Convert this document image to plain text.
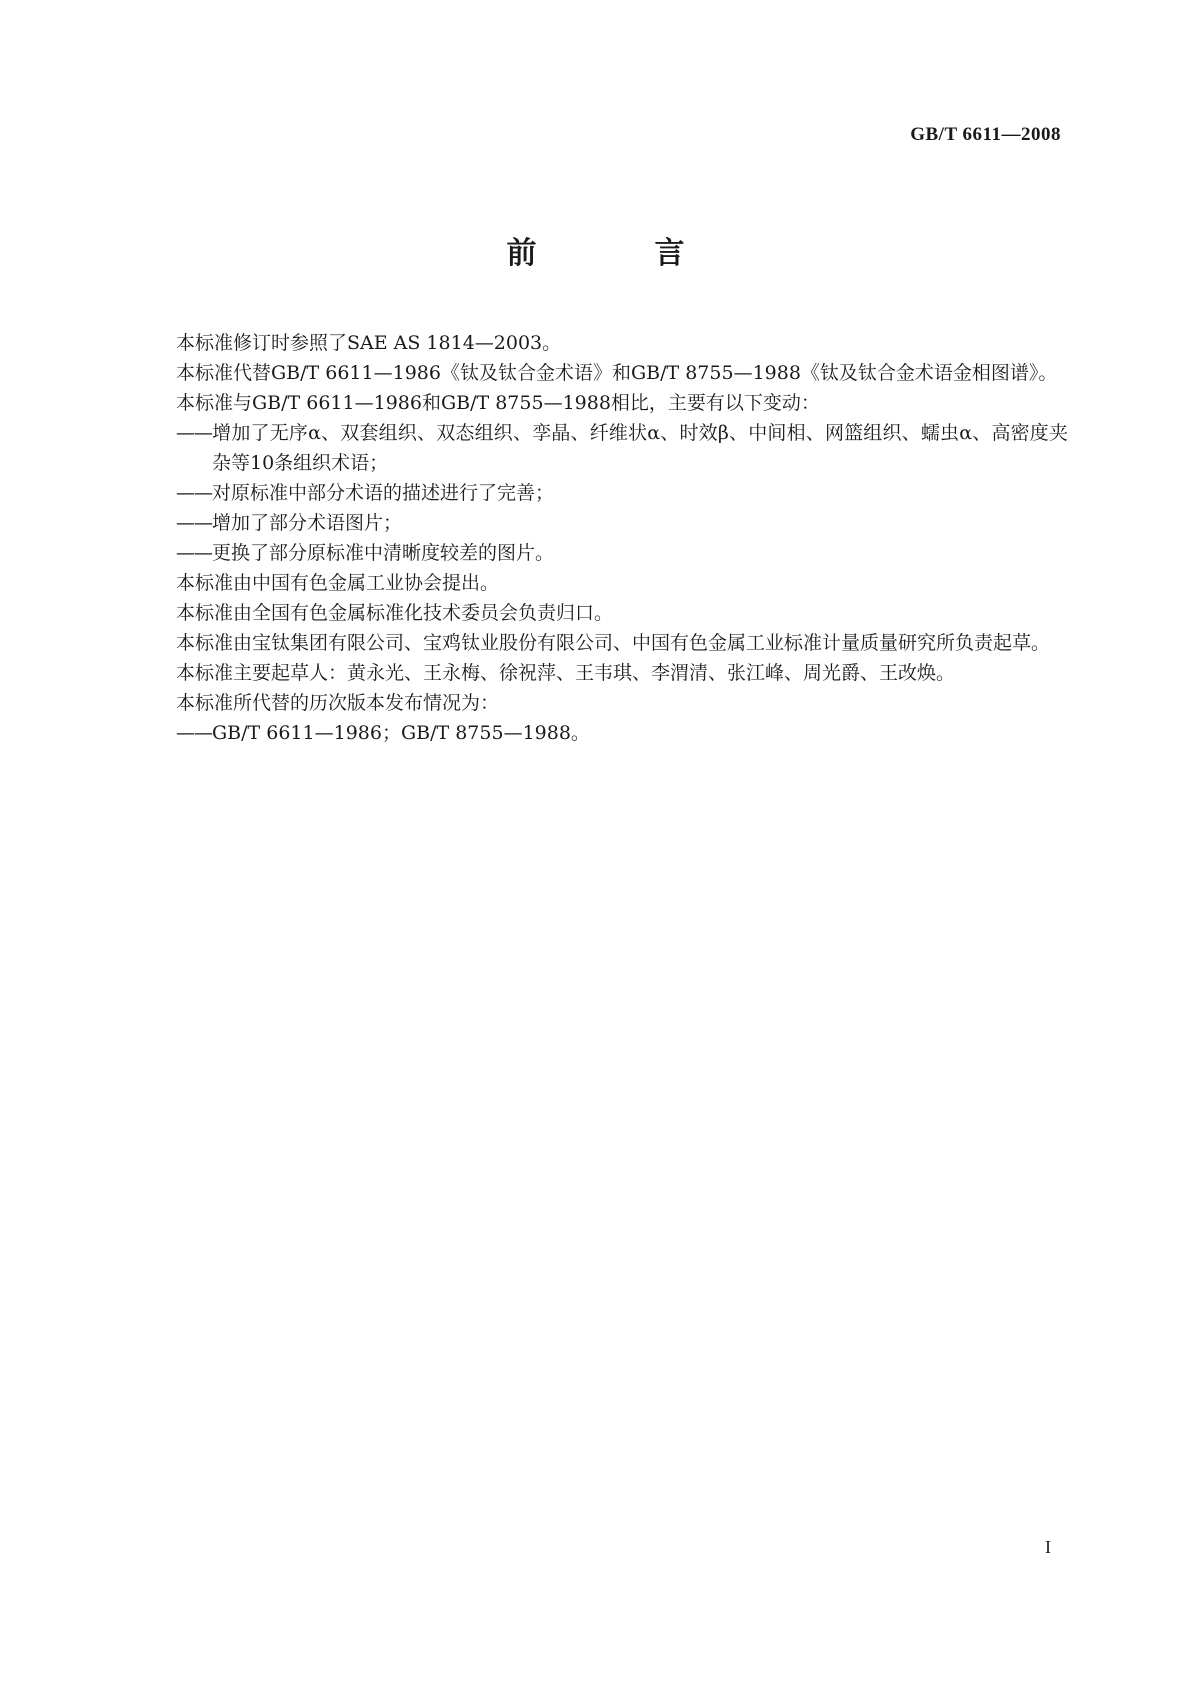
GB/T 6611—2008
前　言

本标准修订时参照了SAE AS 1814—2003。

本标准代替GB/T 6611—1986《钛及钛合金术语》和GB/T 8755—1988《钛及钛合金术语金相图谱》。

本标准与GB/T 6611—1986和GB/T 8755—1988相比，主要有以下变动：

——增加了无序α、双套组织、双态组织、孪晶、纤维状α、时效β、中间相、网篮组织、蠕虫α、高密度夹杂等10条组织术语；

——对原标准中部分术语的描述进行了完善；

——增加了部分术语图片；

——更换了部分原标准中清晰度较差的图片。

本标准由中国有色金属工业协会提出。

本标准由全国有色金属标准化技术委员会负责归口。

本标准由宝钛集团有限公司、宝鸡钛业股份有限公司、中国有色金属工业标准计量质量研究所负责起草。

本标准主要起草人：黄永光、王永梅、徐祝萍、王韦琪、李渭清、张江峰、周光爵、王改焕。

本标准所代替的历次版本发布情况为：

——GB/T 6611—1986；GB/T 8755—1988。

I
